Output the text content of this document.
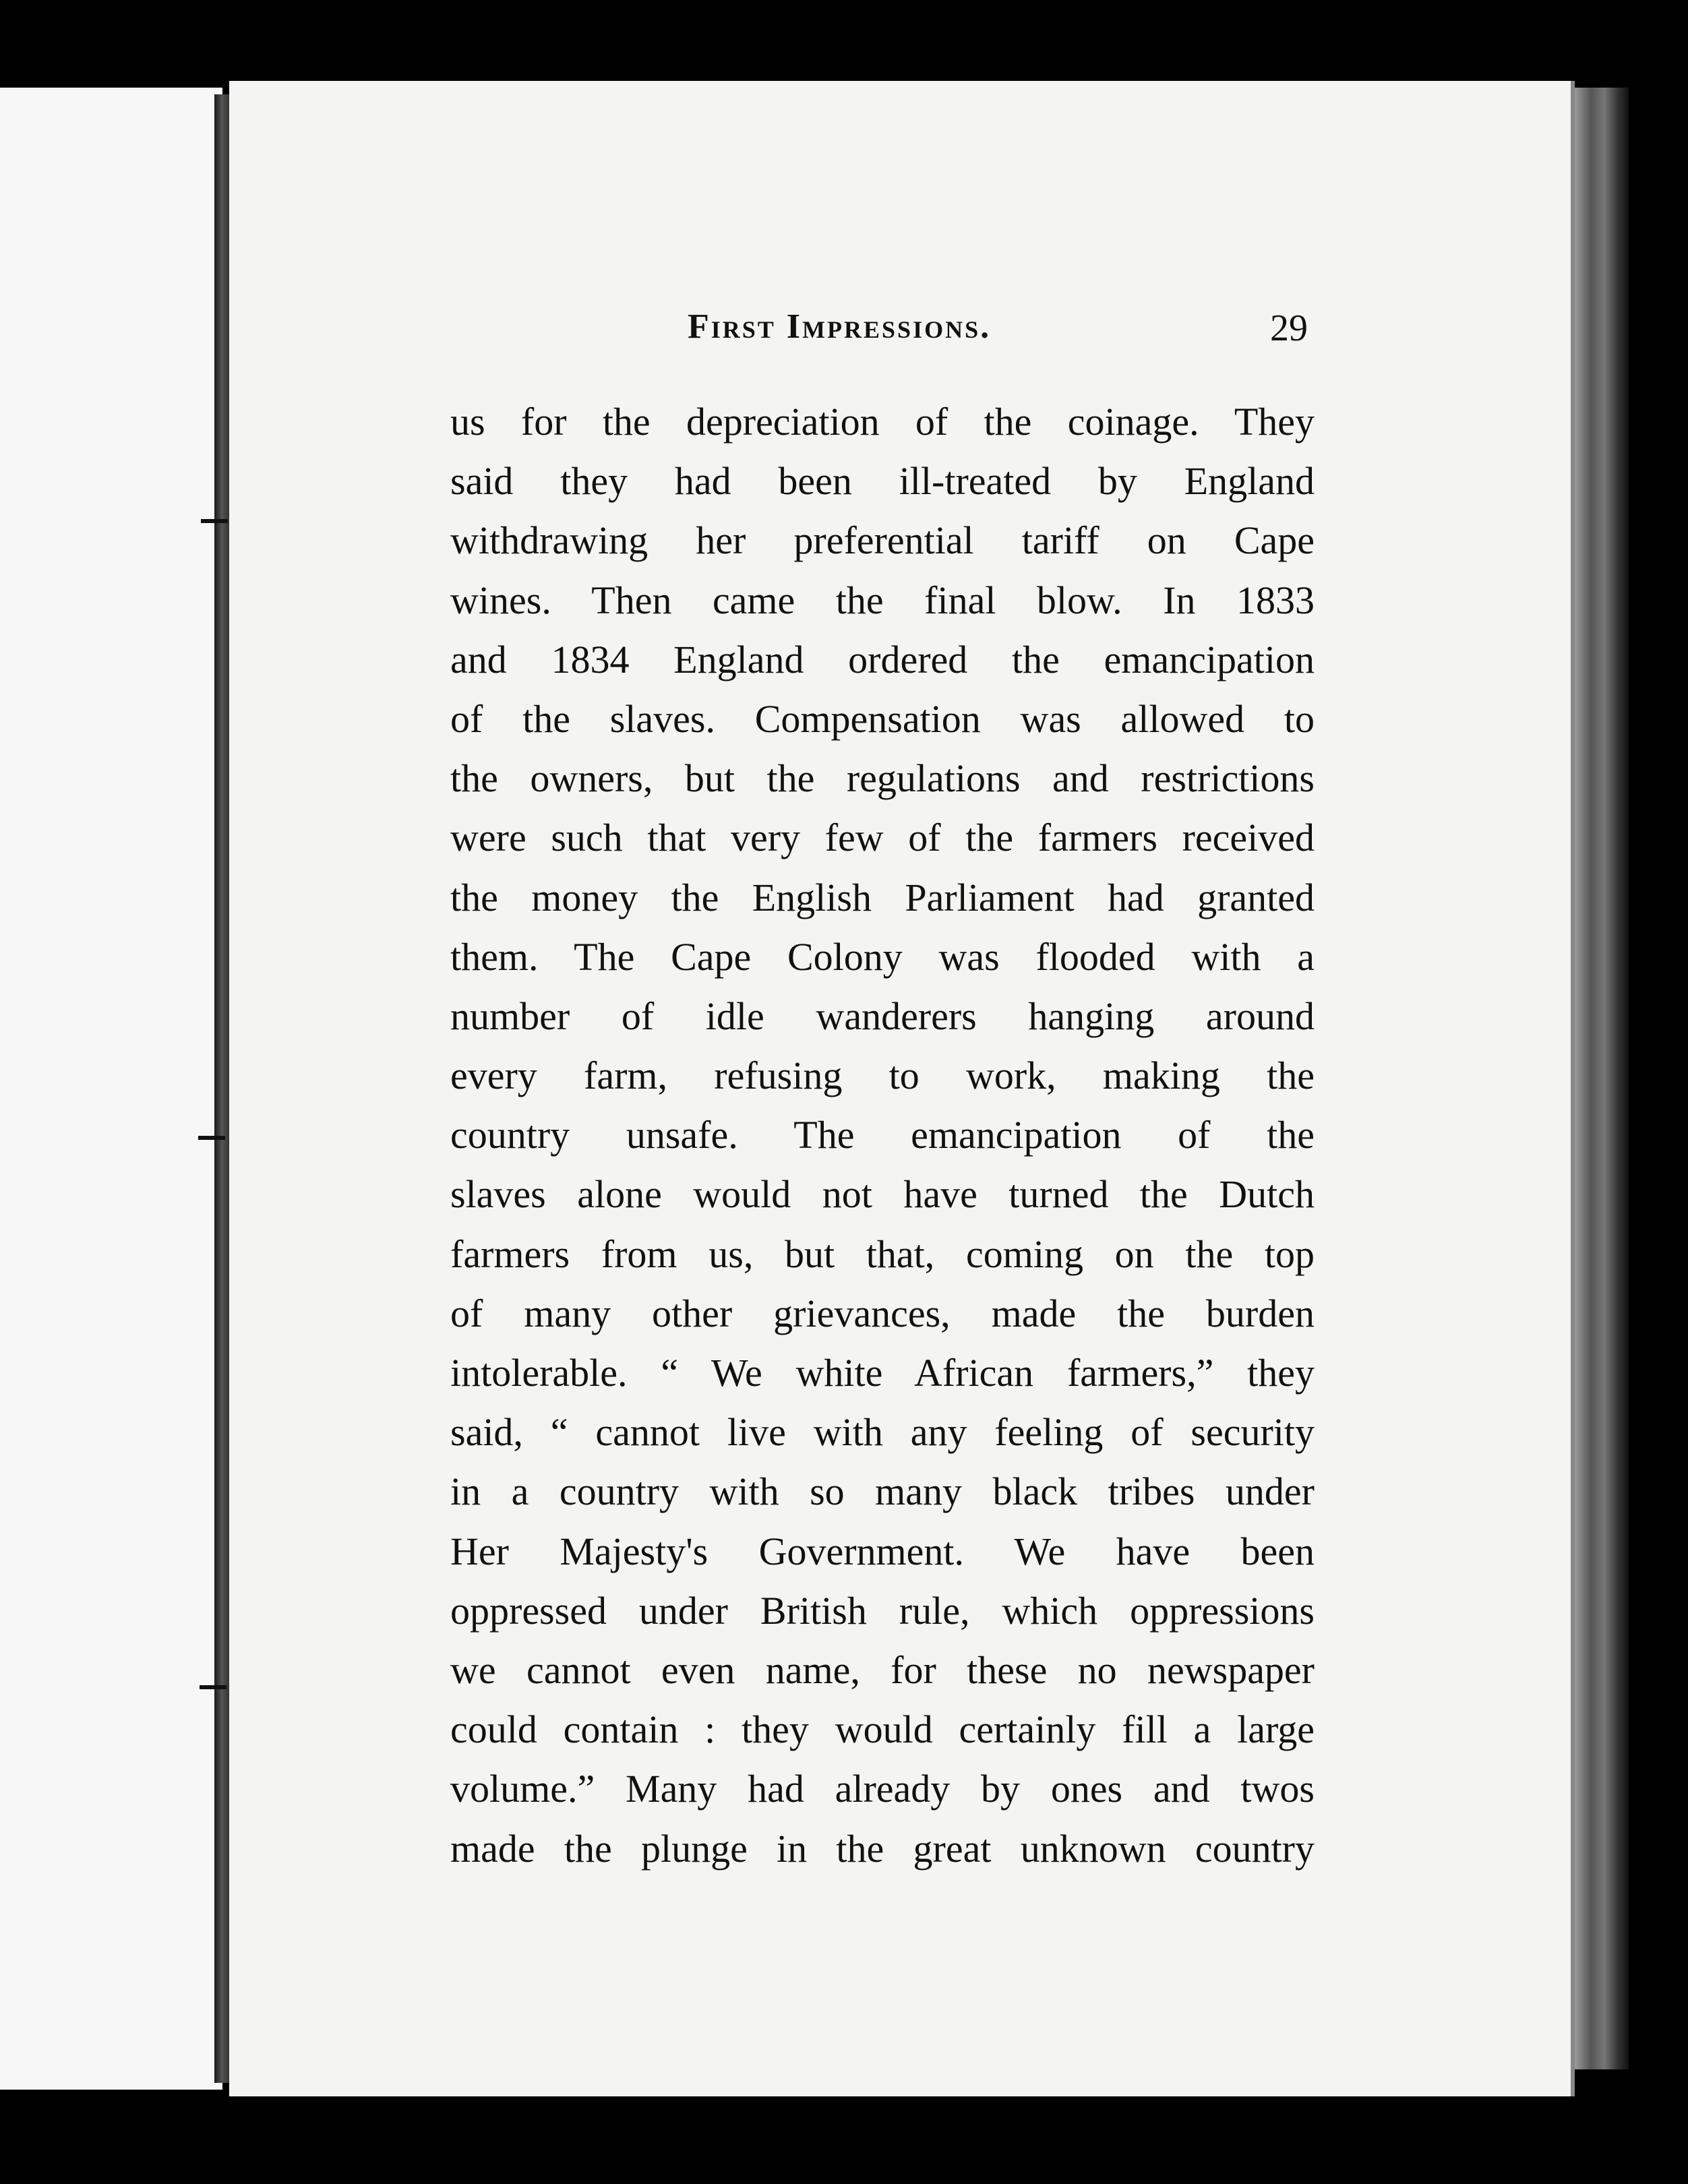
First Impressions.	29
us for the depreciation of the coinage. They
said they had been ill-treated by England
withdrawing her preferential tariff on Cape
wines. Then came the final blow. In 1833
and 1834 England ordered the emancipation
of the slaves. Compensation was allowed to
the owners, but the regulations and restrictions
were such that very few of the farmers received
the money the English Parliament had granted
them. The Cape Colony was flooded with a
number of idle wanderers hanging around
every farm, refusing to work, making the
country unsafe. The emancipation of the
slaves alone would not have turned the Dutch
farmers from us, but that, coming on the top
of many other grievances, made the burden
intolerable. “ We white African farmers,” they
said, “ cannot live with any feeling of security
in a country with so many black tribes under
Her Majesty's Government. We have been
oppressed under British rule, which oppressions
we cannot even name, for these no newspaper
could contain : they would certainly fill a large
volume.” Many had already by ones and twos
made the plunge in the great unknown country
